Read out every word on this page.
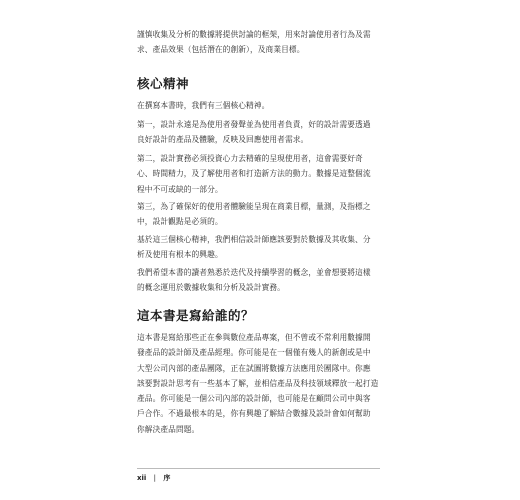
謹慎收集及分析的數據將提供討論的框架，用來討論使用者行為及需

求、產品效果（包括潛在的創新），及商業目標。

核心精神

在撰寫本書時，我們有三個核心精神。

第一，設計永遠是為使用者發聲並為使用者負責，好的設計需要透過

良好設計的產品及體驗，反映及回應使用者需求。

第二，設計實務必須投資心力去精確的呈現使用者，這會需要好奇

心、時間精力，及了解使用者和打造新方法的動力。數據是這整個流

程中不可或缺的一部分。

第三，為了確保好的使用者體驗能呈現在商業目標，量測，及指標之

中，設計觀點是必須的。

基於這三個核心精神，我們相信設計師應該要對於數據及其收集、分

析及使用有根本的興趣。

我們希望本書的讀者熟悉於迭代及持續學習的概念，並會想要將這樣

的概念運用於數據收集和分析及設計實務。

這本書是寫給誰的？

這本書是寫給那些正在參與數位產品專案，但不曾或不常利用數據開

發產品的設計師及產品經理。你可能是在一個僅有幾人的新創或是中

大型公司內部的產品團隊，正在試圖將數據方法應用於團隊中。你應

該要對設計思考有一些基本了解，並相信產品及科技領域釋放一起打造

產品。你可能是一個公司內部的設計師，也可能是在顧問公司中與客

戶合作。不過最根本的是，你有興趣了解結合數據及設計會如何幫助

你解決產品問題。

xii | 序
